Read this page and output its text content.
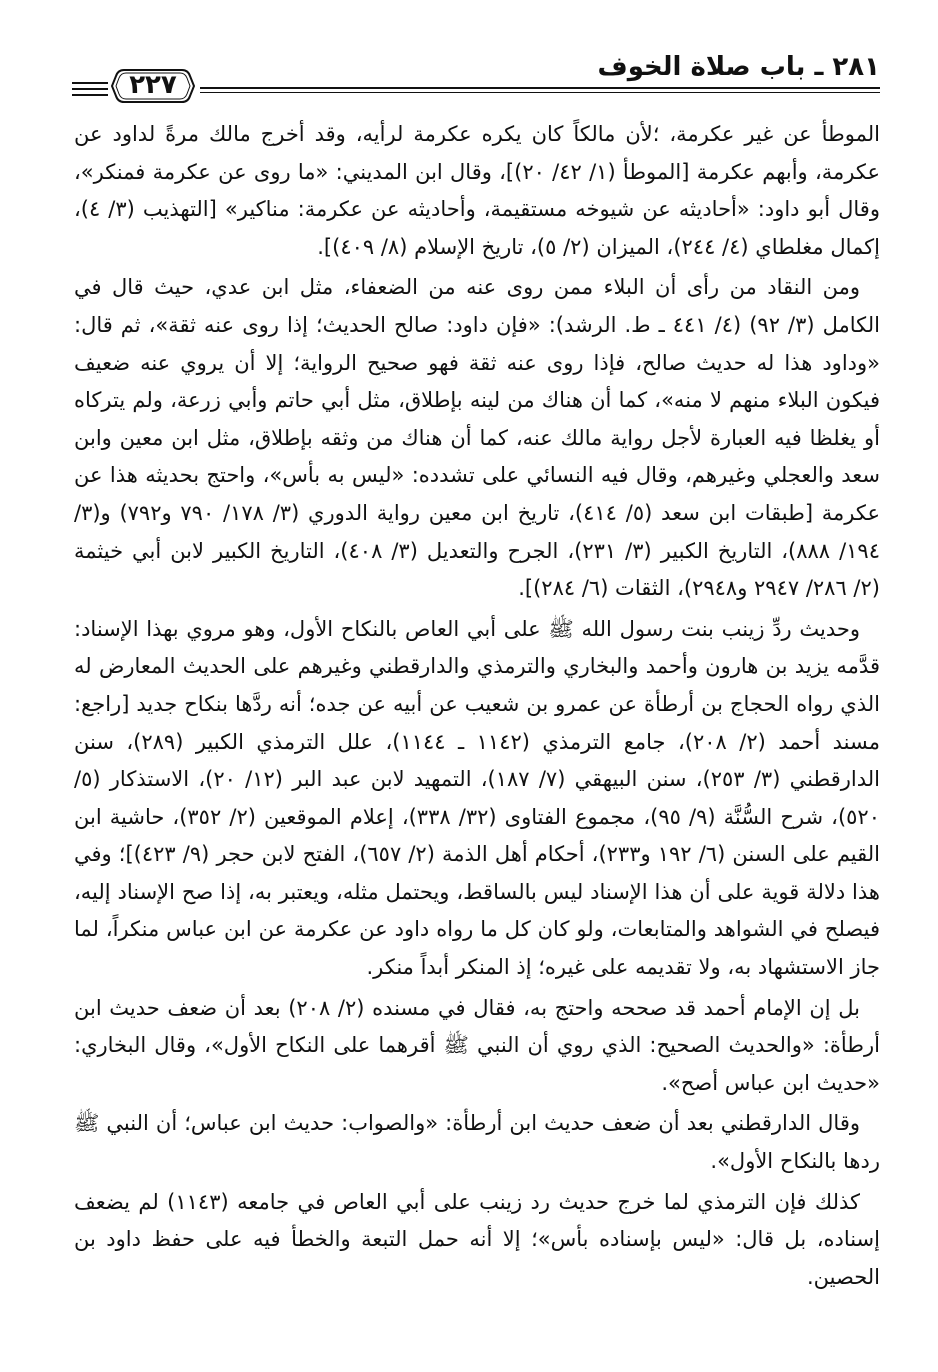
٢٨١ ـ باب صلاة الخوف
٢٢٧

الموطأ عن غير عكرمة، ؛لأن مالكاً كان يكره عكرمة لرأيه، وقد أخرج مالك مرةً لداود عن عكرمة، وأبهم عكرمة [الموطأ (١/ ٤٢/ ٢٠)]، وقال ابن المديني: «ما روى عن عكرمة فمنكر»، وقال أبو داود: «أحاديثه عن شيوخه مستقيمة، وأحاديثه عن عكرمة: مناكير» [التهذيب (٣/ ٤)، إكمال مغلطاي (٤/ ٢٤٤)، الميزان (٢/ ٥)، تاريخ الإسلام (٨/ ٤٠٩)].

ومن النقاد من رأى أن البلاء ممن روى عنه من الضعفاء، مثل ابن عدي، حيث قال في الكامل (٣/ ٩٢) (٤/ ٤٤١ ـ ط. الرشد): «فإن داود: صالح الحديث؛ إذا روى عنه ثقة»، ثم قال: «وداود هذا له حديث صالح، فإذا روى عنه ثقة فهو صحيح الرواية؛ إلا أن يروي عنه ضعيف فيكون البلاء منهم لا منه»، كما أن هناك من لينه بإطلاق، مثل أبي حاتم وأبي زرعة، ولم يتركاه أو يغلظا فيه العبارة لأجل رواية مالك عنه، كما أن هناك من وثقه بإطلاق، مثل ابن معين وابن سعد والعجلي وغيرهم، وقال فيه النسائي على تشدده: «ليس به بأس»، واحتج بحديثه هذا عن عكرمة [طبقات ابن سعد (٥/ ٤١٤)، تاريخ ابن معين رواية الدوري (٣/ ١٧٨/ ٧٩٠ و٧٩٢) و(٣/ ١٩٤/ ٨٨٨)، التاريخ الكبير (٣/ ٢٣١)، الجرح والتعديل (٣/ ٤٠٨)، التاريخ الكبير لابن أبي خيثمة (٢/ ٢٨٦/ ٢٩٤٧ و٢٩٤٨)، الثقات (٦/ ٢٨٤)].

وحديث ردِّ زينب بنت رسول الله ﷺ على أبي العاص بالنكاح الأول، وهو مروي بهذا الإسناد: قدَّمه يزيد بن هارون وأحمد والبخاري والترمذي والدارقطني وغيرهم على الحديث المعارض له الذي رواه الحجاج بن أرطأة عن عمرو بن شعيب عن أبيه عن جده؛ أنه ردَّها بنكاح جديد [راجع: مسند أحمد (٢/ ٢٠٨)، جامع الترمذي (١١٤٢ ـ ١١٤٤)، علل الترمذي الكبير (٢٨٩)، سنن الدارقطني (٣/ ٢٥٣)، سنن البيهقي (٧/ ١٨٧)، التمهيد لابن عبد البر (١٢/ ٢٠)، الاستذكار (٥/ ٥٢٠)، شرح السُّنَّة (٩/ ٩٥)، مجموع الفتاوى (٣٢/ ٣٣٨)، إعلام الموقعين (٢/ ٣٥٢)، حاشية ابن القيم على السنن (٦/ ١٩٢ و٢٣٣)، أحكام أهل الذمة (٢/ ٦٥٧)، الفتح لابن حجر (٩/ ٤٢٣)]؛ وفي هذا دلالة قوية على أن هذا الإسناد ليس بالساقط، ويحتمل مثله، ويعتبر به، إذا صح الإسناد إليه، فيصلح في الشواهد والمتابعات، ولو كان كل ما رواه داود عن عكرمة عن ابن عباس منكراً، لما جاز الاستشهاد به، ولا تقديمه على غيره؛ إذ المنكر أبداً منكر.

بل إن الإمام أحمد قد صححه واحتج به، فقال في مسنده (٢/ ٢٠٨) بعد أن ضعف حديث ابن أرطأة: «والحديث الصحيح: الذي روي أن النبي ﷺ أقرهما على النكاح الأول»، وقال البخاري: «حديث ابن عباس أصح».

وقال الدارقطني بعد أن ضعف حديث ابن أرطأة: «والصواب: حديث ابن عباس؛ أن النبي ﷺ ردها بالنكاح الأول».

كذلك فإن الترمذي لما خرج حديث رد زينب على أبي العاص في جامعه (١١٤٣) لم يضعف إسناده، بل قال: «ليس بإسناده بأس»؛ إلا أنه حمل التبعة والخطأ فيه على حفظ داود بن الحصين.
